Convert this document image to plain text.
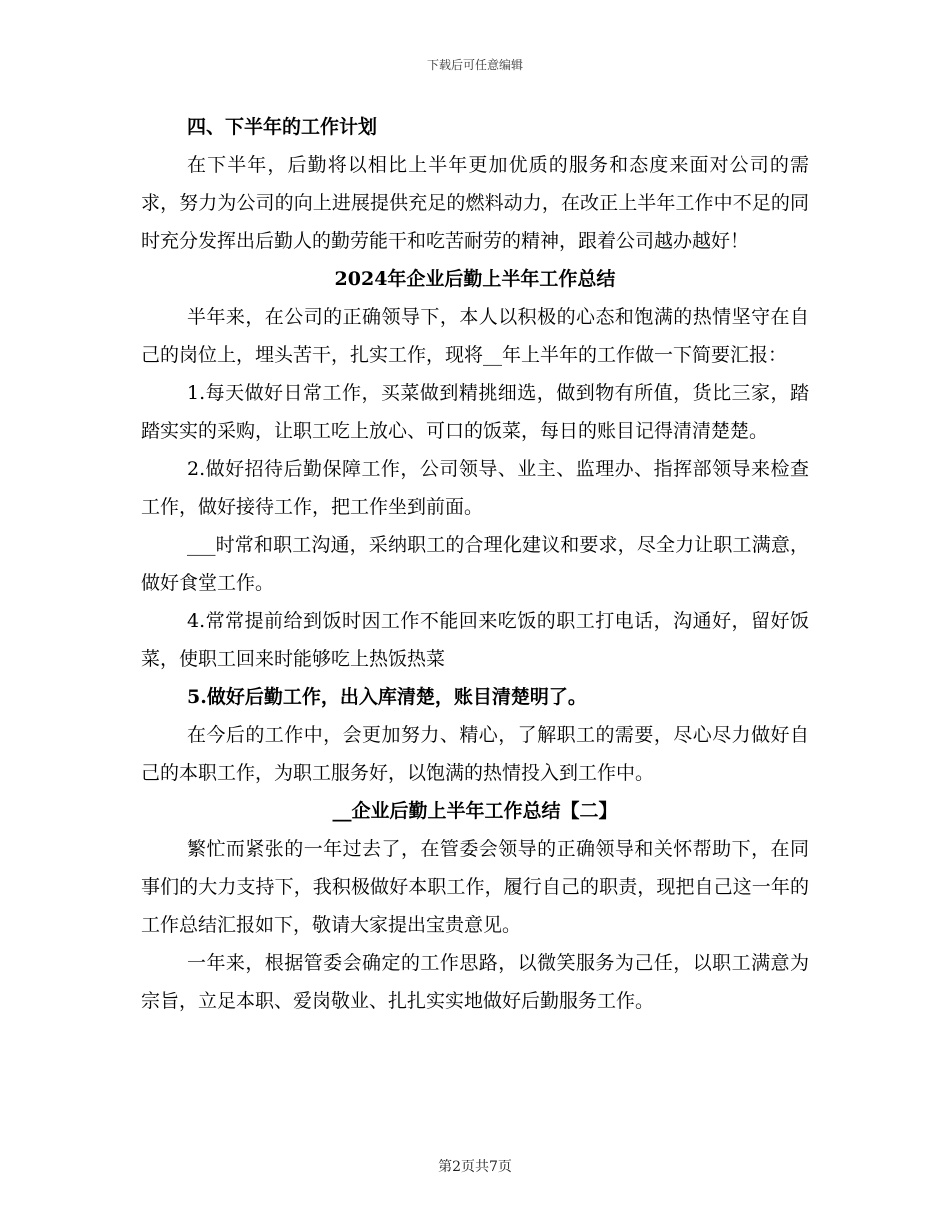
下载后可任意编辑
四、下半年的工作计划

在下半年，后勤将以相比上半年更加优质的服务和态度来面对公司的需求，努力为公司的向上进展提供充足的燃料动力，在改正上半年工作中不足的同时充分发挥出后勤人的勤劳能干和吃苦耐劳的精神，跟着公司越办越好！

2024年企业后勤上半年工作总结

半年来，在公司的正确领导下，本人以积极的心态和饱满的热情坚守在自己的岗位上，埋头苦干，扎实工作，现将__年上半年的工作做一下简要汇报：

1.每天做好日常工作，买菜做到精挑细选，做到物有所值，货比三家，踏踏实实的采购，让职工吃上放心、可口的饭菜，每日的账目记得清清楚楚。

2.做好招待后勤保障工作，公司领导、业主、监理办、指挥部领导来检查工作，做好接待工作，把工作坐到前面。

___时常和职工沟通，采纳职工的合理化建议和要求，尽全力让职工满意，做好食堂工作。

4.常常提前给到饭时因工作不能回来吃饭的职工打电话，沟通好，留好饭菜，使职工回来时能够吃上热饭热菜

5.做好后勤工作，出入库清楚，账目清楚明了。

在今后的工作中，会更加努力、精心，了解职工的需要，尽心尽力做好自己的本职工作，为职工服务好，以饱满的热情投入到工作中。

__企业后勤上半年工作总结【二】

繁忙而紧张的一年过去了，在管委会领导的正确领导和关怀帮助下，在同事们的大力支持下，我积极做好本职工作，履行自己的职责，现把自己这一年的工作总结汇报如下，敬请大家提出宝贵意见。

一年来，根据管委会确定的工作思路，以微笑服务为己任，以职工满意为宗旨，立足本职、爱岗敬业、扎扎实实地做好后勤服务工作。

第2页共7页
